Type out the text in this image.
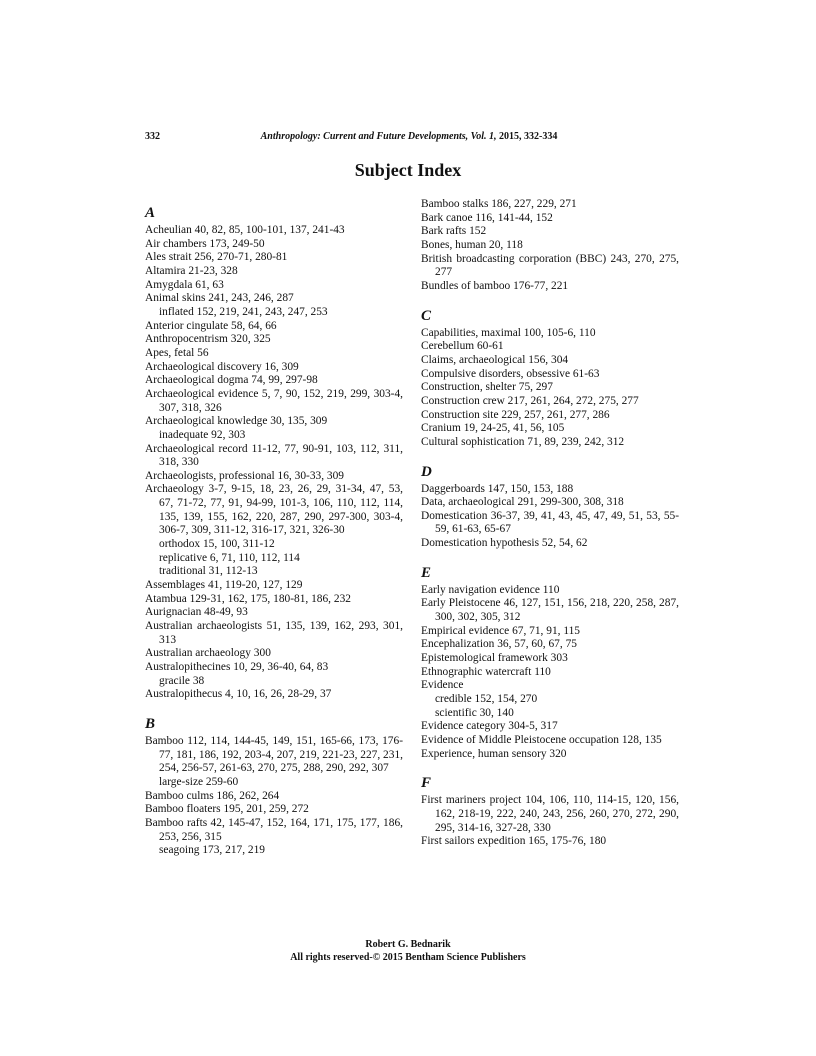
332	Anthropology: Current and Future Developments, Vol. 1, 2015, 332-334
Subject Index
A
Acheulian 40, 82, 85, 100-101, 137, 241-43
Air chambers 173, 249-50
Ales strait 256, 270-71, 280-81
Altamira 21-23, 328
Amygdala 61, 63
Animal skins 241, 243, 246, 287
inflated 152, 219, 241, 243, 247, 253
Anterior cingulate 58, 64, 66
Anthropocentrism 320, 325
Apes, fetal 56
Archaeological discovery 16, 309
Archaeological dogma 74, 99, 297-98
Archaeological evidence 5, 7, 90, 152, 219, 299, 303-4, 307, 318, 326
Archaeological knowledge 30, 135, 309
inadequate 92, 303
Archaeological record 11-12, 77, 90-91, 103, 112, 311, 318, 330
Archaeologists, professional 16, 30-33, 309
Archaeology 3-7, 9-15, 18, 23, 26, 29, 31-34, 47, 53, 67, 71-72, 77, 91, 94-99, 101-3, 106, 110, 112, 114, 135, 139, 155, 162, 220, 287, 290, 297-300, 303-4, 306-7, 309, 311-12, 316-17, 321, 326-30
orthodox 15, 100, 311-12
replicative 6, 71, 110, 112, 114
traditional 31, 112-13
Assemblages 41, 119-20, 127, 129
Atambua 129-31, 162, 175, 180-81, 186, 232
Aurignacian 48-49, 93
Australian archaeologists 51, 135, 139, 162, 293, 301, 313
Australian archaeology 300
Australopithecines 10, 29, 36-40, 64, 83
gracile 38
Australopithecus 4, 10, 16, 26, 28-29, 37
B
Bamboo 112, 114, 144-45, 149, 151, 165-66, 173, 176-77, 181, 186, 192, 203-4, 207, 219, 221-23, 227, 231, 254, 256-57, 261-63, 270, 275, 288, 290, 292, 307
large-size 259-60
Bamboo culms 186, 262, 264
Bamboo floaters 195, 201, 259, 272
Bamboo rafts 42, 145-47, 152, 164, 171, 175, 177, 186, 253, 256, 315
seagoing 173, 217, 219
Bamboo stalks 186, 227, 229, 271
Bark canoe 116, 141-44, 152
Bark rafts 152
Bones, human 20, 118
British broadcasting corporation (BBC) 243, 270, 275, 277
Bundles of bamboo 176-77, 221
C
Capabilities, maximal 100, 105-6, 110
Cerebellum 60-61
Claims, archaeological 156, 304
Compulsive disorders, obsessive 61-63
Construction, shelter 75, 297
Construction crew 217, 261, 264, 272, 275, 277
Construction site 229, 257, 261, 277, 286
Cranium 19, 24-25, 41, 56, 105
Cultural sophistication 71, 89, 239, 242, 312
D
Daggerboards 147, 150, 153, 188
Data, archaeological 291, 299-300, 308, 318
Domestication 36-37, 39, 41, 43, 45, 47, 49, 51, 53, 55-59, 61-63, 65-67
Domestication hypothesis 52, 54, 62
E
Early navigation evidence 110
Early Pleistocene 46, 127, 151, 156, 218, 220, 258, 287, 300, 302, 305, 312
Empirical evidence 67, 71, 91, 115
Encephalization 36, 57, 60, 67, 75
Epistemological framework 303
Ethnographic watercraft 110
Evidence
credible 152, 154, 270
scientific 30, 140
Evidence category 304-5, 317
Evidence of Middle Pleistocene occupation 128, 135
Experience, human sensory 320
F
First mariners project 104, 106, 110, 114-15, 120, 156, 162, 218-19, 222, 240, 243, 256, 260, 270, 272, 290, 295, 314-16, 327-28, 330
First sailors expedition 165, 175-76, 180
Robert G. Bednarik
All rights reserved-© 2015 Bentham Science Publishers
